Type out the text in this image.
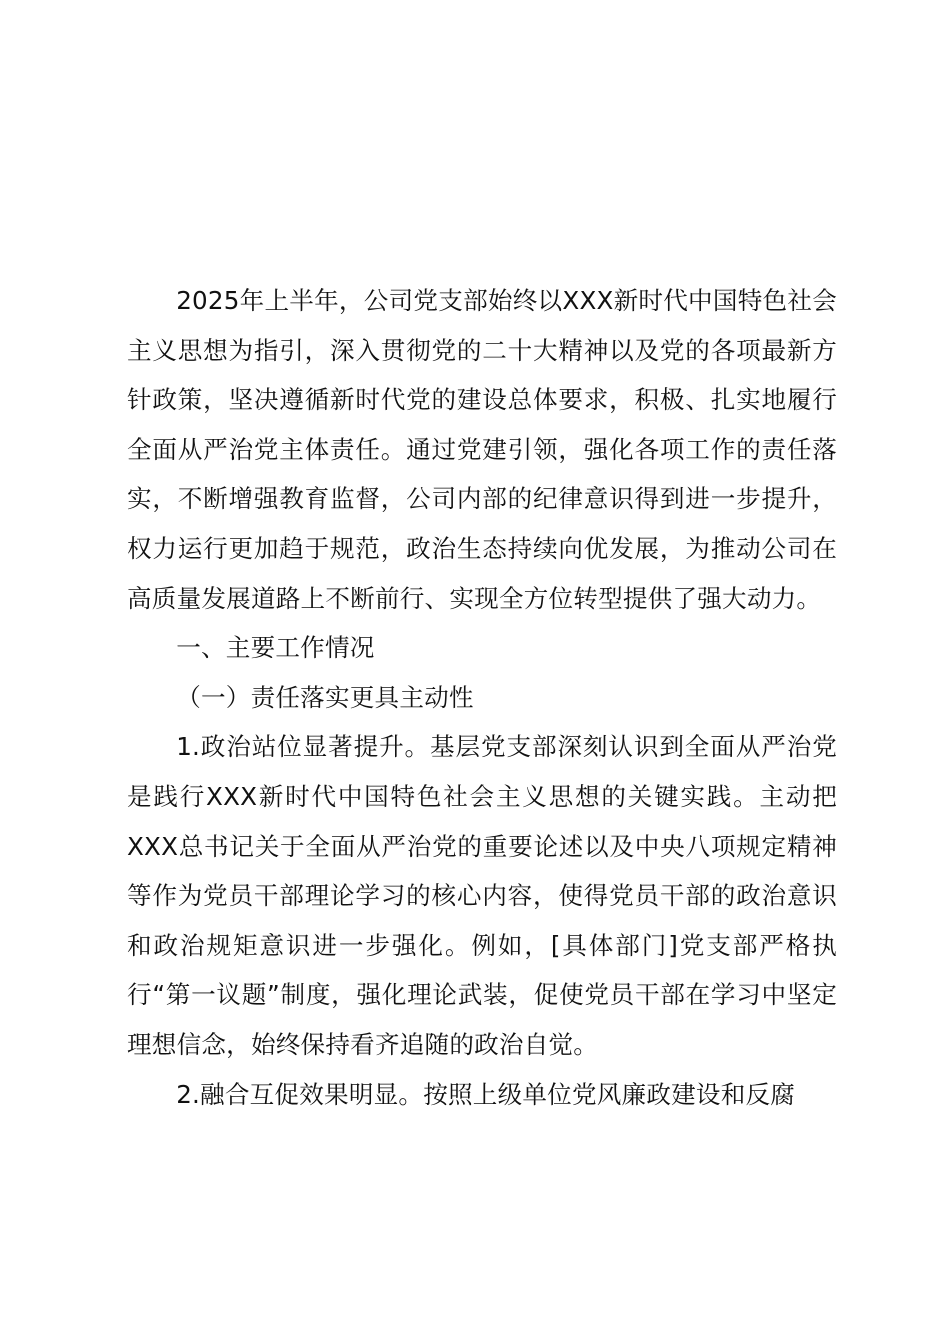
2025年上半年，公司党支部始终以XXX新时代中国特色社会主义思想为指引，深入贯彻党的二十大精神以及党的各项最新方针政策，坚决遵循新时代党的建设总体要求，积极、扎实地履行全面从严治党主体责任。通过党建引领，强化各项工作的责任落实，不断增强教育监督，公司内部的纪律意识得到进一步提升，权力运行更加趋于规范，政治生态持续向优发展，为推动公司在高质量发展道路上不断前行、实现全方位转型提供了强大动力。

一、主要工作情况

（一）责任落实更具主动性

1.政治站位显著提升。基层党支部深刻认识到全面从严治党是践行XXX新时代中国特色社会主义思想的关键实践。主动把XXX总书记关于全面从严治党的重要论述以及中央八项规定精神等作为党员干部理论学习的核心内容，使得党员干部的政治意识和政治规矩意识进一步强化。例如，[具体部门]党支部严格执行“第一议题”制度，强化理论武装，促使党员干部在学习中坚定理想信念，始终保持看齐追随的政治自觉。

2.融合互促效果明显。按照上级单位党风廉政建设和反腐
